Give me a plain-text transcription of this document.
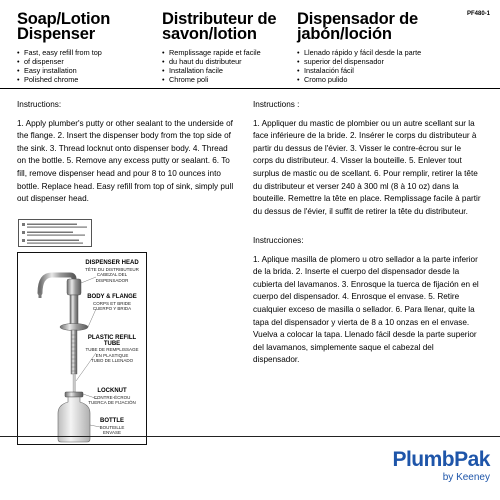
PF480-1
Soap/Lotion
Dispenser
• Fast, easy refill from top
• of dispenser
• Easy installation
• Polished chrome
Distributeur de
savon/lotion
• Remplissage rapide et facile
• du haut du distributeur
• Installation facile
• Chrome poli
Dispensador de
jabón/loción
• Llenado rápido y fácil desde la parte
• superior del dispensador
• Instalación fácil
• Cromo pulido
Instructions:
1. Apply plumber's putty or other sealant to the underside of the flange. 2. Insert the dispenser body from the top side of the sink. 3. Thread locknut onto dispenser body. 4. Thread on the bottle. 5. Remove any excess putty or sealant. 6. To fill, remove dispenser head and pour 8 to 10 ounces into bottle. Replace head. Easy refill from top of sink, simply pull out dispenser head.
Instructions :
1. Appliquer du mastic de plombier ou un autre scellant sur la face inférieure de la bride. 2. Insérer le corps du distributeur à partir du dessus de l'évier. 3. Visser le contre-écrou sur le corps du distributeur. 4. Visser la bouteille. 5. Enlever tout surplus de mastic ou de scellant. 6. Pour remplir, retirer la tête du distributeur et verser 240 à 300 ml (8 à 10 oz) dans la bouteille. Remettre la tête en place. Remplissage facile à partir du dessus de l'évier, il suffit de retirer la tête du distributeur.
Instrucciones:
1. Aplique masilla de plomero u otro sellador a la parte inferior de la brida. 2. Inserte el cuerpo del dispensador desde la cubierta del lavamanos. 3. Enrosque la tuerca de fijación en el cuerpo del dispensador. 4. Enrosque el envase. 5. Retire cualquier exceso de masilla o sellador. 6. Para llenar, quite la tapa del dispensador y vierta de 8 a 10 onzas en el envase. Vuelva a colocar la tapa. Llenado fácil desde la parte superior del lavamanos, simplemente saque el cabezal del dispensador.
DISPENSER HEAD
TÊTE DU DISTRIBUTEUR
CABEZAL DEL DISPENSADOR
BODY & FLANGE
CORPS ET BRIDE
CUERPO Y BRIDA
PLASTIC REFILL TUBE
TUBE DE REMPLISSAGE
EN PLASTIQUE
TUBO DE LLENADO
LOCKNUT
CONTRE-ÉCROU
TUERCA DE FIJACIÓN
BOTTLE
BOUTEILLE
ENVASE
PlumbPak
by Keeney
